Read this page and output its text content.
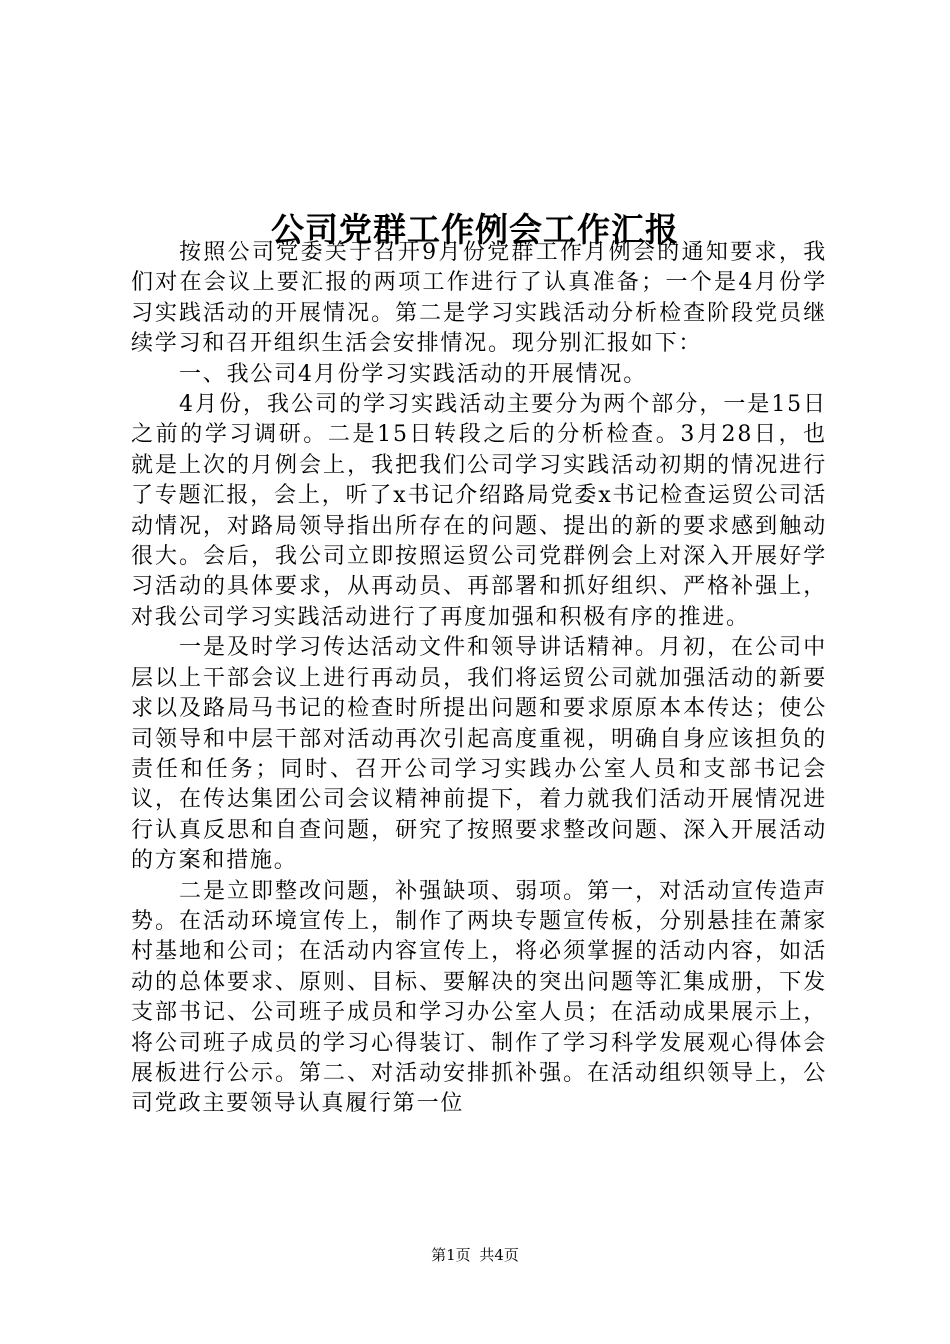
公司党群工作例会工作汇报

按照公司党委关于召开9月份党群工作月例会的通知要求，我们对在会议上要汇报的两项工作进行了认真准备；一个是4月份学习实践活动的开展情况。第二是学习实践活动分析检查阶段党员继续学习和召开组织生活会安排情况。现分别汇报如下：

一、我公司4月份学习实践活动的开展情况。

4月份，我公司的学习实践活动主要分为两个部分，一是15日之前的学习调研。二是15日转段之后的分析检查。3月28日，也就是上次的月例会上，我把我们公司学习实践活动初期的情况进行了专题汇报，会上，听了x书记介绍路局党委x书记检查运贸公司活动情况，对路局领导指出所存在的问题、提出的新的要求感到触动很大。会后，我公司立即按照运贸公司党群例会上对深入开展好学习活动的具体要求，从再动员、再部署和抓好组织、严格补强上，对我公司学习实践活动进行了再度加强和积极有序的推进。

一是及时学习传达活动文件和领导讲话精神。月初，在公司中层以上干部会议上进行再动员，我们将运贸公司就加强活动的新要求以及路局马书记的检查时所提出问题和要求原原本本传达；使公司领导和中层干部对活动再次引起高度重视，明确自身应该担负的责任和任务；同时、召开公司学习实践办公室人员和支部书记会议，在传达集团公司会议精神前提下，着力就我们活动开展情况进行认真反思和自查问题，研究了按照要求整改问题、深入开展活动的方案和措施。

二是立即整改问题，补强缺项、弱项。第一，对活动宣传造声势。在活动环境宣传上，制作了两块专题宣传板，分别悬挂在萧家村基地和公司；在活动内容宣传上，将必须掌握的活动内容，如活动的总体要求、原则、目标、要解决的突出问题等汇集成册，下发支部书记、公司班子成员和学习办公室人员；在活动成果展示上，将公司班子成员的学习心得装订、制作了学习科学发展观心得体会展板进行公示。第二、对活动安排抓补强。在活动组织领导上，公司党政主要领导认真履行第一位

第1页 共4页
